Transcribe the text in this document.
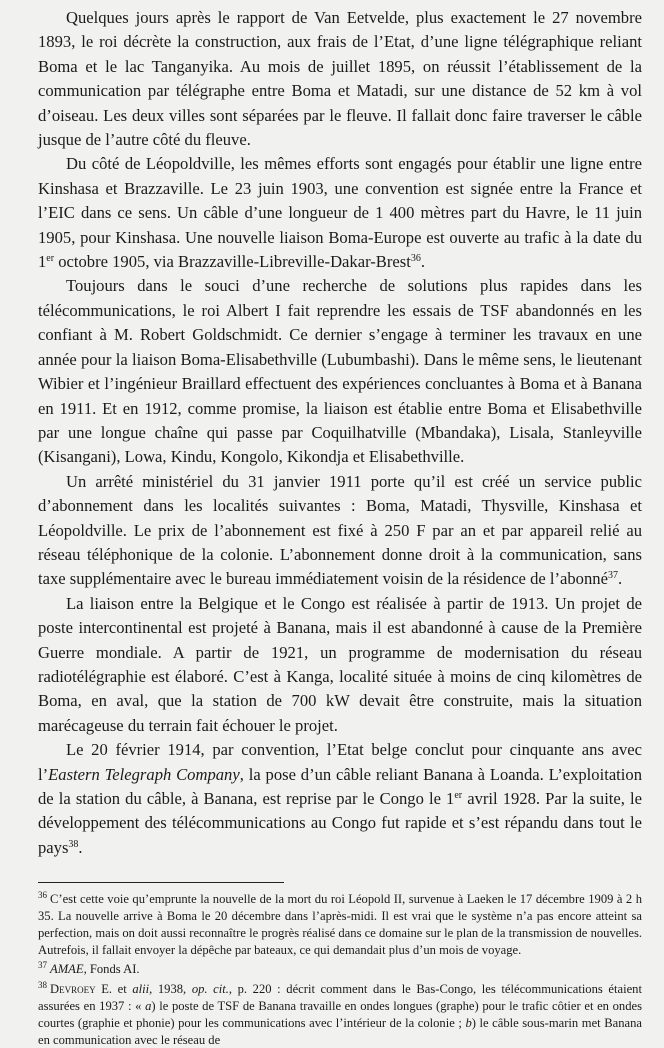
Quelques jours après le rapport de Van Eetvelde, plus exactement le 27 novembre 1893, le roi décrète la construction, aux frais de l’Etat, d’une ligne télégraphique reliant Boma et le lac Tanganyika. Au mois de juillet 1895, on réussit l’établissement de la communication par télégraphe entre Boma et Matadi, sur une distance de 52 km à vol d’oiseau. Les deux villes sont séparées par le fleuve. Il fallait donc faire traverser le câble jusque de l’autre côté du fleuve.

Du côté de Léopoldville, les mêmes efforts sont engagés pour établir une ligne entre Kinshasa et Brazzaville. Le 23 juin 1903, une convention est signée entre la France et l’EIC dans ce sens. Un câble d’une longueur de 1 400 mètres part du Havre, le 11 juin 1905, pour Kinshasa. Une nouvelle liaison Boma-Europe est ouverte au trafic à la date du 1er octobre 1905, via Brazzaville-Libreville-Dakar-Brest$^{36}$.

Toujours dans le souci d’une recherche de solutions plus rapides dans les télécommunications, le roi Albert I fait reprendre les essais de TSF abandonnés en les confiant à M. Robert Goldschmidt. Ce dernier s’engage à terminer les travaux en une année pour la liaison Boma-Elisabethville (Lubumbashi). Dans le même sens, le lieutenant Wibier et l’ingénieur Braillard effectuent des expériences concluantes à Boma et à Banana en 1911. Et en 1912, comme promise, la liaison est établie entre Boma et Elisabethville par une longue chaîne qui passe par Coquilhatville (Mbandaka), Lisala, Stanleyville (Kisangani), Lowa, Kindu, Kongolo, Kikondja et Elisabethville.

Un arrêté ministériel du 31 janvier 1911 porte qu’il est créé un service public d’abonnement dans les localités suivantes : Boma, Matadi, Thysville, Kinshasa et Léopoldville. Le prix de l’abonnement est fixé à 250 F par an et par appareil relié au réseau téléphonique de la colonie. L’abonnement donne droit à la communication, sans taxe supplémentaire avec le bureau immédiatement voisin de la résidence de l’abonné$^{37}$.

La liaison entre la Belgique et le Congo est réalisée à partir de 1913. Un projet de poste intercontinental est projeté à Banana, mais il est abandonné à cause de la Première Guerre mondiale. A partir de 1921, un programme de modernisation du réseau radiotélégraphie est élaboré. C’est à Kanga, localité située à moins de cinq kilomètres de Boma, en aval, que la station de 700 kW devait être construite, mais la situation marécageuse du terrain fait échouer le projet.

Le 20 février 1914, par convention, l’Etat belge conclut pour cinquante ans avec l’Eastern Telegraph Company, la pose d’un câble reliant Banana à Loanda. L’exploitation de la station du câble, à Banana, est reprise par le Congo le 1er avril 1928. Par la suite, le développement des télécommunications au Congo fut rapide et s’est répandu dans tout le pays$^{38}$.

$^{36}$ C’est cette voie qu’emprunte la nouvelle de la mort du roi Léopold II, survenue à Laeken le 17 décembre 1909 à 2 h 35. La nouvelle arrive à Boma le 20 décembre dans l’après-midi. Il est vrai que le système n’a pas encore atteint sa perfection, mais on doit aussi reconnaître le progrès réalisé dans ce domaine sur le plan de la transmission de nouvelles. Autrefois, il fallait envoyer la dépêche par bateaux, ce qui demandait plus d’un mois de voyage.

$^{37}$ AMAE, Fonds AI.

$^{38}$ Devroey E. et alii, 1938, op. cit., p. 220 : décrit comment dans le Bas-Congo, les télécommunications étaient assurées en 1937 : « a) le poste de TSF de Banana travaille en ondes longues (graphe) pour le trafic côtier et en ondes courtes (graphie et phonie) pour les communications avec l’intérieur de la colonie ; b) le câble sous-marin met Banana en communication avec le réseau de
